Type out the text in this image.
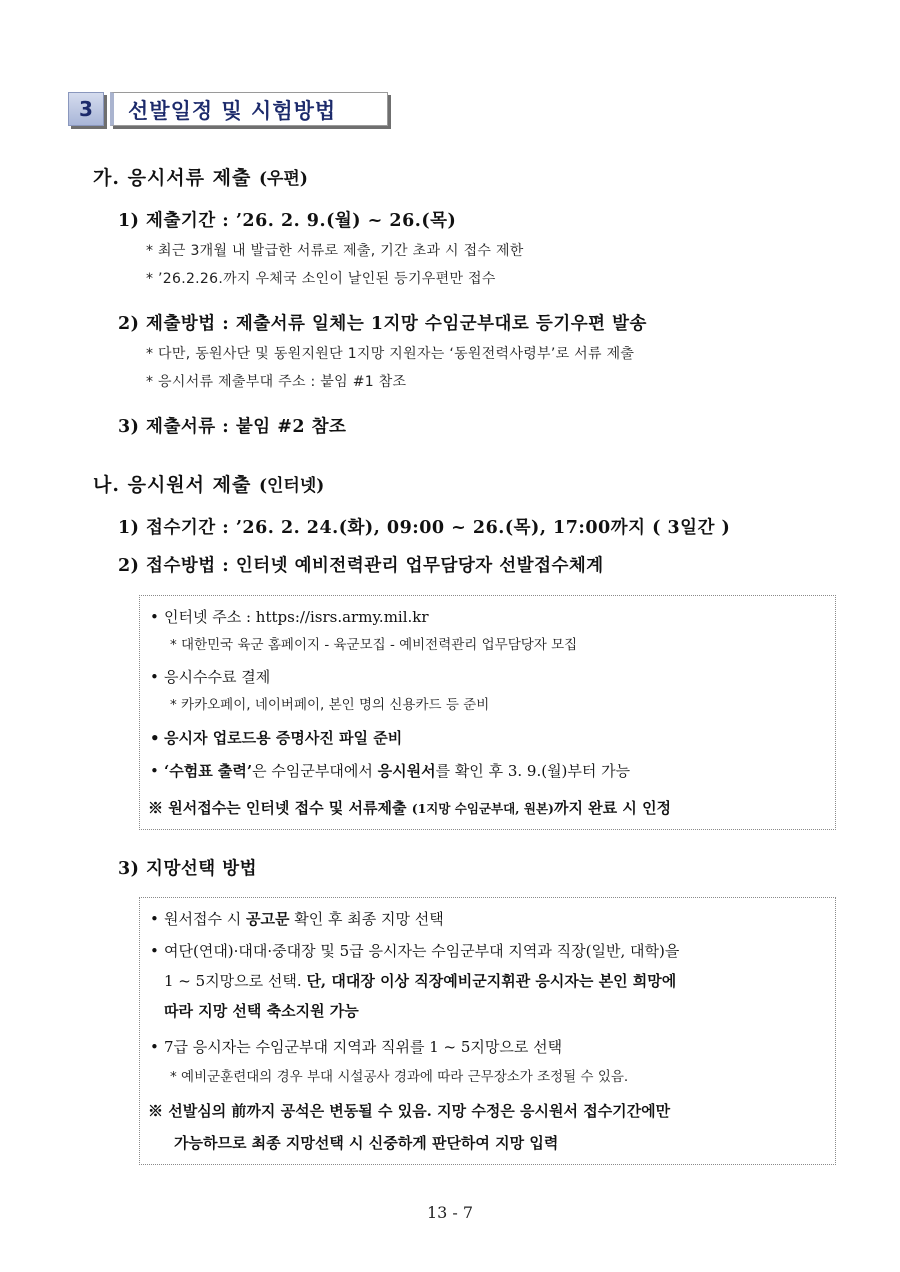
3	선발일정 및 시험방법
가. 응시서류 제출 (우편)
1) 제출기간 : ’26. 2. 9.(월) ~ 26.(목)
* 최근 3개월 내 발급한 서류로 제출, 기간 초과 시 접수 제한
* ’26.2.26.까지 우체국 소인이 날인된 등기우편만 접수
2) 제출방법 : 제출서류 일체는 1지망 수임군부대로 등기우편 발송
* 다만, 동원사단 및 동원지원단 1지망 지원자는 ‘동원전력사령부’로 서류 제출
* 응시서류 제출부대 주소 : 붙임 #1 참조
3) 제출서류 : 붙임 #2 참조
나. 응시원서 제출 (인터넷)
1) 접수기간 : ’26. 2. 24.(화), 09:00 ~ 26.(목), 17:00까지 ( 3일간 )
2) 접수방법 : 인터넷 예비전력관리 업무담당자 선발접수체계
• 인터넷 주소 : https://isrs.army.mil.kr
* 대한민국 육군 홈페이지 - 육군모집 - 예비전력관리 업무담당자 모집
• 응시수수료 결제
* 카카오페이, 네이버페이, 본인 명의 신용카드 등 준비
• 응시자 업로드용 증명사진 파일 준비
• ‘수험표 출력’은 수임군부대에서 응시원서를 확인 후 3. 9.(월)부터 가능
※ 원서접수는 인터넷 접수 및 서류제출 (1지망 수임군부대, 원본)까지 완료 시 인정
3) 지망선택 방법
• 원서접수 시 공고문 확인 후 최종 지망 선택
• 여단(연대)·대대·중대장 및 5급 응시자는 수임군부대 지역과 직장(일반, 대학)을
1 ~ 5지망으로 선택. 단, 대대장 이상 직장예비군지휘관 응시자는 본인 희망에
따라 지망 선택 축소지원 가능
• 7급 응시자는 수임군부대 지역과 직위를 1 ~ 5지망으로 선택
* 예비군훈련대의 경우 부대 시설공사 경과에 따라 근무장소가 조정될 수 있음.
※ 선발심의 前까지 공석은 변동될 수 있음. 지망 수정은 응시원서 접수기간에만
가능하므로 최종 지망선택 시 신중하게 판단하여 지망 입력
13 - 7
